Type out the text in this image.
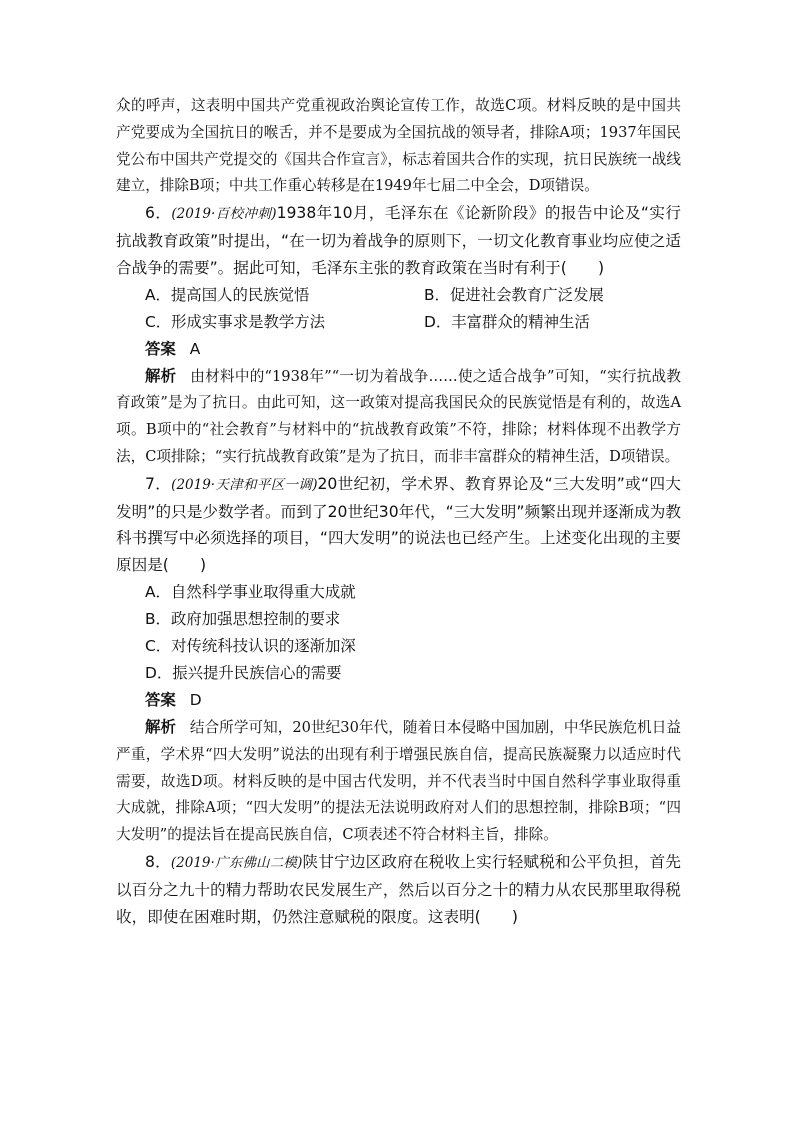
众的呼声，这表明中国共产党重视政治舆论宣传工作，故选C项。材料反映的是中国共产党要成为全国抗日的喉舌，并不是要成为全国抗战的领导者，排除A项；1937年国民党公布中国共产党提交的《国共合作宣言》，标志着国共合作的实现，抗日民族统一战线建立，排除B项；中共工作重心转移是在1949年七届二中全会，D项错误。

6．(2019·百校冲刺)1938年10月，毛泽东在《论新阶段》的报告中论及“实行抗战教育政策”时提出，“在一切为着战争的原则下，一切文化教育事业均应使之适合战争的需要”。据此可知，毛泽东主张的教育政策在当时有利于(　　)

A．提高国人的民族觉悟	B．促进社会教育广泛发展

C．形成实事求是教学方法	D．丰富群众的精神生活

答案 A

解析 由材料中的“1938年”“一切为着战争……使之适合战争”可知，“实行抗战教育政策”是为了抗日。由此可知，这一政策对提高我国民众的民族觉悟是有利的，故选A项。B项中的“社会教育”与材料中的“抗战教育政策”不符，排除；材料体现不出教学方法，C项排除；“实行抗战教育政策”是为了抗日，而非丰富群众的精神生活，D项错误。

7．(2019·天津和平区一调)20世纪初，学术界、教育界论及“三大发明”或“四大发明”的只是少数学者。而到了20世纪30年代，“三大发明”频繁出现并逐渐成为教科书撰写中必须选择的项目，“四大发明”的说法也已经产生。上述变化出现的主要原因是(　　)

A．自然科学事业取得重大成就

B．政府加强思想控制的要求

C．对传统科技认识的逐渐加深

D．振兴提升民族信心的需要

答案 D

解析 结合所学可知，20世纪30年代，随着日本侵略中国加剧，中华民族危机日益严重，学术界“四大发明”说法的出现有利于增强民族自信，提高民族凝聚力以适应时代需要，故选D项。材料反映的是中国古代发明，并不代表当时中国自然科学事业取得重大成就，排除A项；“四大发明”的提法无法说明政府对人们的思想控制，排除B项；“四大发明”的提法旨在提高民族自信，C项表述不符合材料主旨，排除。

8．(2019·广东佛山二模)陕甘宁边区政府在税收上实行轻赋税和公平负担，首先以百分之九十的精力帮助农民发展生产，然后以百分之十的精力从农民那里取得税收，即使在困难时期，仍然注意赋税的限度。这表明(　　)
